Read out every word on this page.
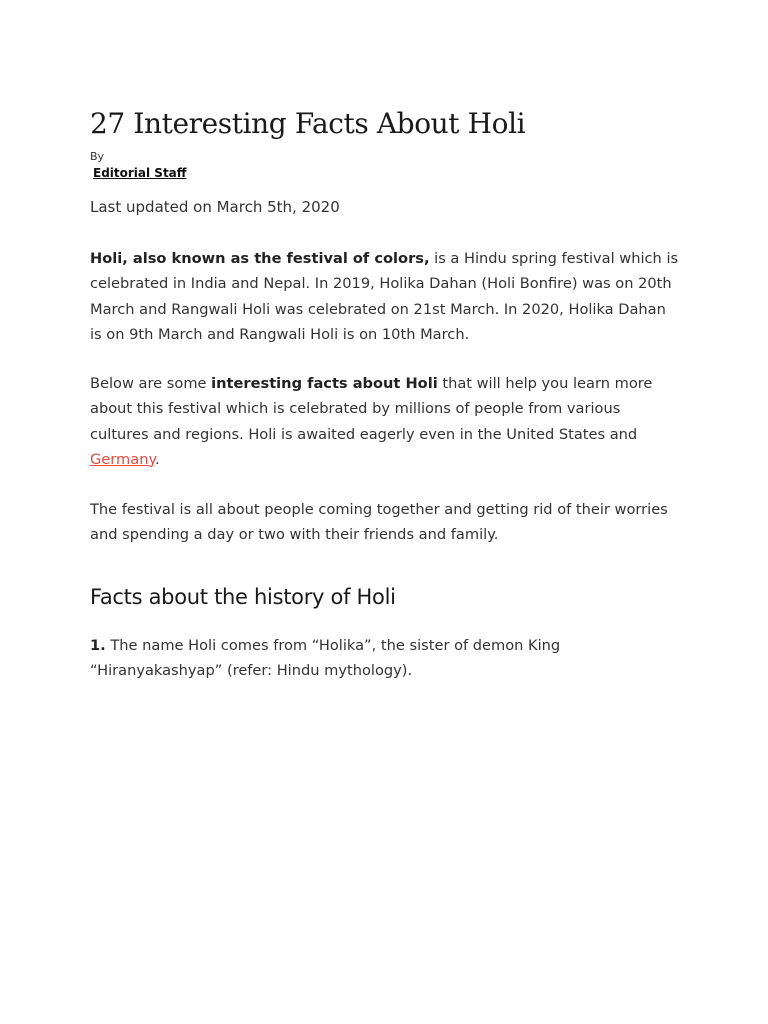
27 Interesting Facts About Holi
By
Editorial Staff
Last updated on March 5th, 2020

Holi, also known as the festival of colors, is a Hindu spring festival which is celebrated in India and Nepal. In 2019, Holika Dahan (Holi Bonfire) was on 20th March and Rangwali Holi was celebrated on 21st March. In 2020, Holika Dahan is on 9th March and Rangwali Holi is on 10th March.

Below are some interesting facts about Holi that will help you learn more about this festival which is celebrated by millions of people from various cultures and regions. Holi is awaited eagerly even in the United States and Germany.

The festival is all about people coming together and getting rid of their worries and spending a day or two with their friends and family.

Facts about the history of Holi

1. The name Holi comes from “Holika”, the sister of demon King “Hiranyakashyap” (refer: Hindu mythology).
